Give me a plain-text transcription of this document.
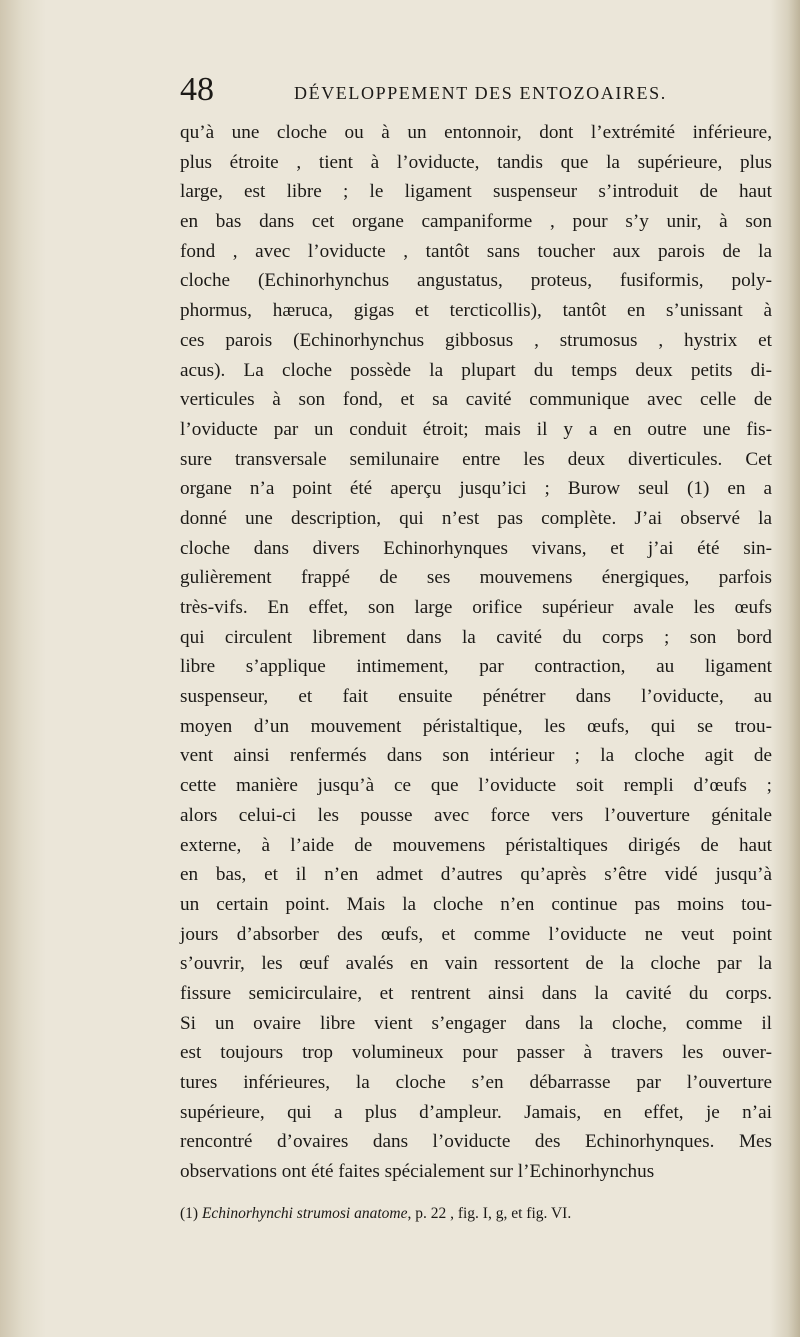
48	DÉVELOPPEMENT DES ENTOZOAIRES.
qu’à une cloche ou à un entonnoir, dont l’extrémité inférieure,
plus étroite , tient à l’oviducte, tandis que la supérieure, plus
large, est libre ; le ligament suspenseur s’introduit de haut
en bas dans cet organe campaniforme , pour s’y unir, à son
fond , avec l’oviducte , tantôt sans toucher aux parois de la
cloche (Echinorhynchus angustatus, proteus, fusiformis, poly-
phormus, hæruca, gigas et tercticollis), tantôt en s’unissant à
ces parois (Echinorhynchus gibbosus , strumosus , hystrix et
acus). La cloche possède la plupart du temps deux petits di-
verticules à son fond, et sa cavité communique avec celle de
l’oviducte par un conduit étroit; mais il y a en outre une fis-
sure transversale semilunaire entre les deux diverticules. Cet
organe n’a point été aperçu jusqu’ici ; Burow seul (1) en a
donné une description, qui n’est pas complète. J’ai observé la
cloche dans divers Echinorhynques vivans, et j’ai été sin-
gulièrement frappé de ses mouvemens énergiques, parfois
très-vifs. En effet, son large orifice supérieur avale les œufs
qui circulent librement dans la cavité du corps ; son bord
libre s’applique intimement, par contraction, au ligament
suspenseur, et fait ensuite pénétrer dans l’oviducte, au
moyen d’un mouvement péristaltique, les œufs, qui se trou-
vent ainsi renfermés dans son intérieur ; la cloche agit de
cette manière jusqu’à ce que l’oviducte soit rempli d’œufs ;
alors celui-ci les pousse avec force vers l’ouverture génitale
externe, à l’aide de mouvemens péristaltiques dirigés de haut
en bas, et il n’en admet d’autres qu’après s’être vidé jusqu’à
un certain point. Mais la cloche n’en continue pas moins tou-
jours d’absorber des œufs, et comme l’oviducte ne veut point
s’ouvrir, les œuf avalés en vain ressortent de la cloche par la
fissure semicirculaire, et rentrent ainsi dans la cavité du corps.
Si un ovaire libre vient s’engager dans la cloche, comme il
est toujours trop volumineux pour passer à travers les ouver-
tures inférieures, la cloche s’en débarrasse par l’ouverture
supérieure, qui a plus d’ampleur. Jamais, en effet, je n’ai
rencontré d’ovaires dans l’oviducte des Echinorhynques. Mes
observations ont été faites spécialement sur l’Echinorhynchus
(1) Echinorhynchi strumosi anatome, p. 22 , fig. I, g, et fig. VI.
